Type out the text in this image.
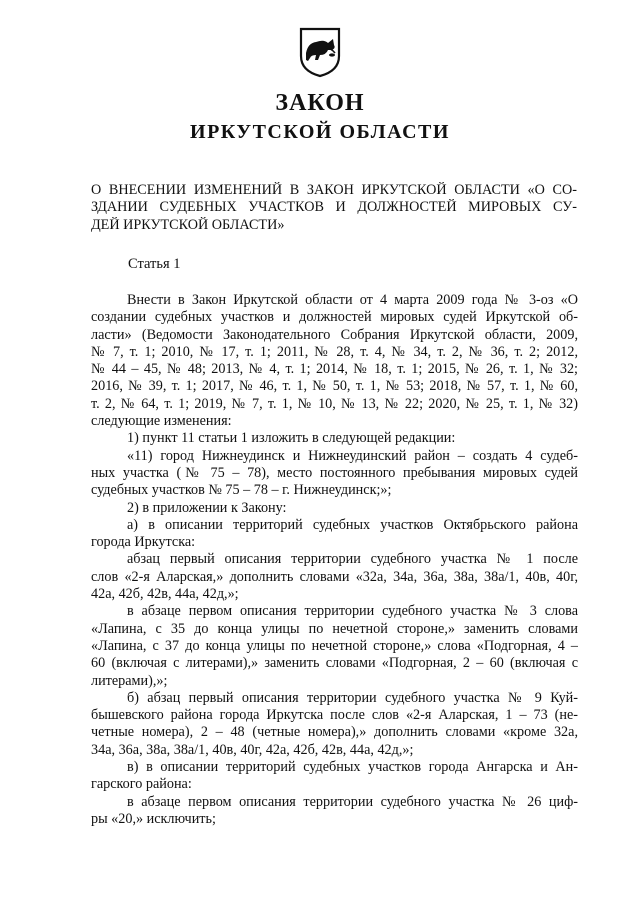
ЗАКОН
ИРКУТСКОЙ ОБЛАСТИ
О ВНЕСЕНИИ ИЗМЕНЕНИЙ В ЗАКОН ИРКУТСКОЙ ОБЛАСТИ «О СО-
ЗДАНИИ СУДЕБНЫХ УЧАСТКОВ И ДОЛЖНОСТЕЙ МИРОВЫХ СУ-
ДЕЙ ИРКУТСКОЙ ОБЛАСТИ»
Статья 1
Внести в Закон Иркутской области от 4 марта 2009 года № 3-оз «О
создании судебных участков и должностей мировых судей Иркутской об-
ласти» (Ведомости Законодательного Собрания Иркутской области, 2009,
№ 7, т. 1; 2010, № 17, т. 1; 2011, № 28, т. 4, № 34, т. 2, № 36, т. 2; 2012,
№ 44 – 45, № 48; 2013, № 4, т. 1; 2014, № 18, т. 1; 2015, № 26, т. 1, № 32;
2016, № 39, т. 1; 2017, № 46, т. 1, № 50, т. 1, № 53; 2018, № 57, т. 1, № 60,
т. 2, № 64, т. 1; 2019, № 7, т. 1, № 10, № 13, № 22; 2020, № 25, т. 1, № 32)
следующие изменения:
1) пункт 11 статьи 1 изложить в следующей редакции:
«11) город Нижнеудинск и Нижнеудинский район – создать 4 судеб-
ных участка (№ 75 – 78), место постоянного пребывания мировых судей
судебных участков № 75 – 78 – г. Нижнеудинск;»;
2) в приложении к Закону:
а) в описании территорий судебных участков Октябрьского района
города Иркутска:
абзац первый описания территории судебного участка № 1 после
слов «2-я Аларская,» дополнить словами «32а, 34а, 36а, 38а, 38а/1, 40в, 40г,
42а, 42б, 42в, 44а, 42д,»;
в абзаце первом описания территории судебного участка № 3 слова
«Лапина, с 35 до конца улицы по нечетной стороне,» заменить словами
«Лапина, с 37 до конца улицы по нечетной стороне,» слова «Подгорная, 4 –
60 (включая с литерами),» заменить словами «Подгорная, 2 – 60 (включая с
литерами),»;
б) абзац первый описания территории судебного участка № 9 Куй-
бышевского района города Иркутска после слов «2-я Аларская, 1 – 73 (не-
четные номера), 2 – 48 (четные номера),» дополнить словами «кроме 32а,
34а, 36а, 38а, 38а/1, 40в, 40г, 42а, 42б, 42в, 44а, 42д,»;
в) в описании территорий судебных участков города Ангарска и Ан-
гарского района:
в абзаце первом описания территории судебного участка № 26 циф-
ры «20,» исключить;
